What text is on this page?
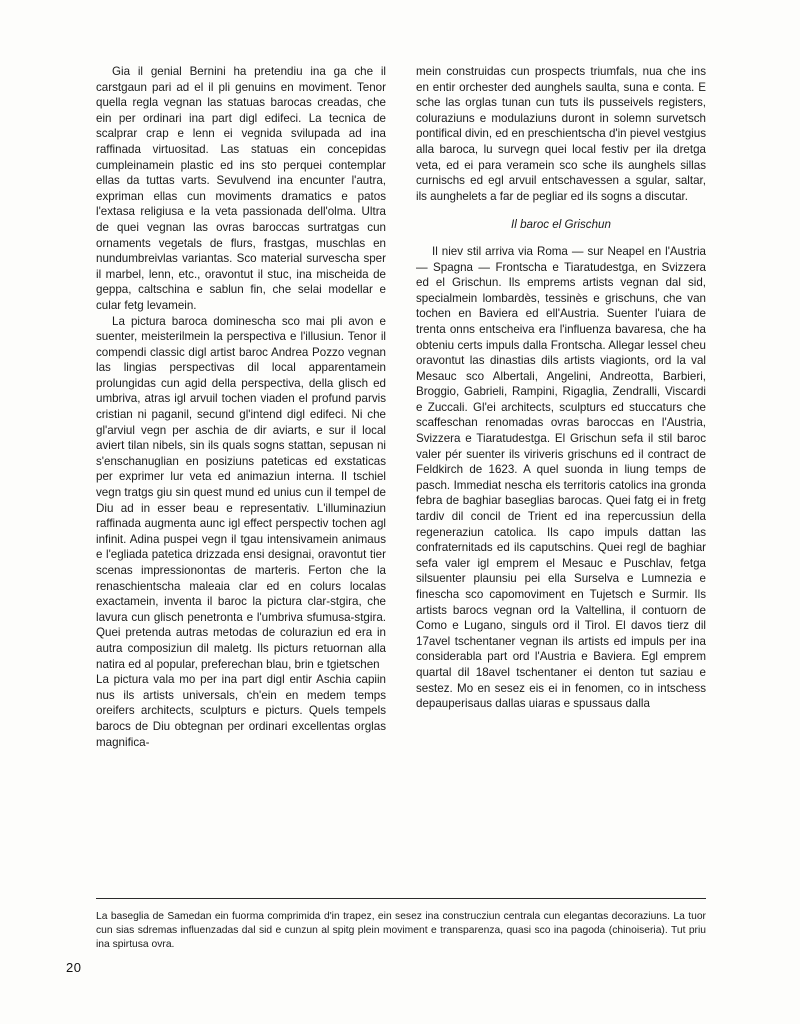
Gia il genial Bernini ha pretendiu ina ga che il carstgaun pari ad el il pli genuins en moviment. Tenor quella regla vegnan las statuas barocas creadas, che ein per ordinari ina part digl edifeci. La tecnica de scalprar crap e lenn ei vegnida svilupada ad ina raffinada virtuositad. Las statuas ein concepidas cumpleinamein plastic ed ins sto perquei contemplar ellas da tuttas varts. Sevulvend ina encunter l'autra, expriman ellas cun moviments dramatics e patos l'extasa religiusa e la veta passionada dell'olma. Ultra de quei vegnan las ovras baroccas surtratgas cun ornaments vegetals de flurs, frastgas, muschlas en nundumbreivlas variantas. Sco material survescha sper il marbel, lenn, etc., oravontut il stuc, ina mischeida de geppa, caltschina e sablun fin, che selai modellar e cular fetg levamein.

La pictura baroca dominescha sco mai pli avon e suenter, meisterilmein la perspectiva e l'illusiun. Tenor il compendi classic digl artist baroc Andrea Pozzo vegnan las lingias perspectivas dil local apparentamein prolungidas cun agid della perspectiva, della glisch ed umbriva, atras igl arvuil tochen viaden el profund parvis cristian ni paganil, secund gl'intend digl edifeci. Ni che gl'arviul vegn per aschia de dir aviarts, e sur il local aviert tilan nibels, sin ils quals sogns stattan, sepusan ni s'enschanuglian en posiziuns pateticas ed exstaticas per exprimer lur veta ed animaziun interna. Il tschiel vegn tratgs giu sin quest mund ed unius cun il tempel de Diu ad in esser beau e representativ. L'illuminaziun raffinada augmenta aunc igl effect perspectiv tochen agl infinit. Adina puspei vegn il tgau intensivamein animaus e l'egliada patetica drizzada ensi designai, oravontut tier scenas impressionontas de marteris. Ferton che la renaschientscha maleaia clar ed en colurs localas exactamein, inventa il baroc la pictura clar-stgira, che lavura cun glisch penetronta e l'umbriva sfumusa-stgira. Quei pretenda autras metodas de coluraziun ed era in autra composiziun dil maletg. Ils picturs retuornan alla natira ed al popular, preferechan blau, brin e tgietschen

La pictura vala mo per ina part digl entir Aschia capiin nus ils artists universals, ch'ein en medem temps oreifers architects, sculpturs e picturs. Quels tempels barocs de Diu obtegnan per ordinari excellentas orglas magnifica-

mein construidas cun prospects triumfals, nua che ins en entir orchester ded aunghels saulta, suna e conta. E sche las orglas tunan cun tuts ils pusseivels registers, coluraziuns e modulaziuns duront in solemn survetsch pontifical divin, ed en preschientscha d'in pievel vestgius alla baroca, lu survegn quei local festiv per ila dretga veta, ed ei para veramein sco sche ils aunghels sillas curnischs ed egl arvuil entschavessen a sgular, saltar, ils aunghelets a far de pegliar ed ils sogns a discutar.

Il baroc el Grischun

Il niev stil arriva via Roma — sur Neapel en l'Austria — Spagna — Frontscha e Tiaratudestga, en Svizzera ed el Grischun. Ils emprems artists vegnan dal sid, specialmein lombardès, tessinès e grischuns, che van tochen en Baviera ed ell'Austria. Suenter l'uiara de trenta onns entscheiva era l'influenza bavaresa, che ha obteniu certs impuls dalla Frontscha. Allegar lessel cheu oravontut las dinastias dils artists viagionts, ord la val Mesauc sco Albertali, Angelini, Andreotta, Barbieri, Broggio, Gabrieli, Rampini, Rigaglia, Zendralli, Viscardi e Zuccali. Gl'ei architects, sculpturs ed stuccaturs che scaffeschan renomadas ovras baroccas en l'Austria, Svizzera e Tiaratudestga. El Grischun sefa il stil baroc valer pér suenter ils viriveris grischuns ed il contract de Feldkirch de 1623. A quel suonda in liung temps de pasch. Immediat nescha els territoris catolics ina gronda febra de baghiar baseglias barocas. Quei fatg ei in fretg tardiv dil concil de Trient ed ina repercussiun della regeneraziun catolica. Ils capo impuls dattan las confraternitads ed ils caputschins. Quei regl de baghiar sefa valer igl emprem el Mesauc e Puschlav, fetga silsuenter plaunsiu pei ella Surselva e Lumnezia e finescha sco capomoviment en Tujetsch e Surmir. Ils artists barocs vegnan ord la Valtellina, il contuorn de Como e Lugano, singuls ord il Tirol. El davos tierz dil 17avel tschentaner vegnan ils artists ed impuls per ina considerabla part ord l'Austria e Baviera. Egl emprem quartal dil 18avel tschentaner ei denton tut saziau e sestez. Mo en sesez eis ei in fenomen, co in intschess depauperisaus dallas uiaras e spussaus dalla

La baseglia de Samedan ein fuorma comprimida d'in trapez, ein sesez ina construcziun centrala cun elegantas decoraziuns. La tuor cun sias sdremas influenzadas dal sid e cunzun al spitg plein moviment e transparenza, quasi sco ina pagoda (chinoiseria). Tut priu ina spirtusa ovra.
20
